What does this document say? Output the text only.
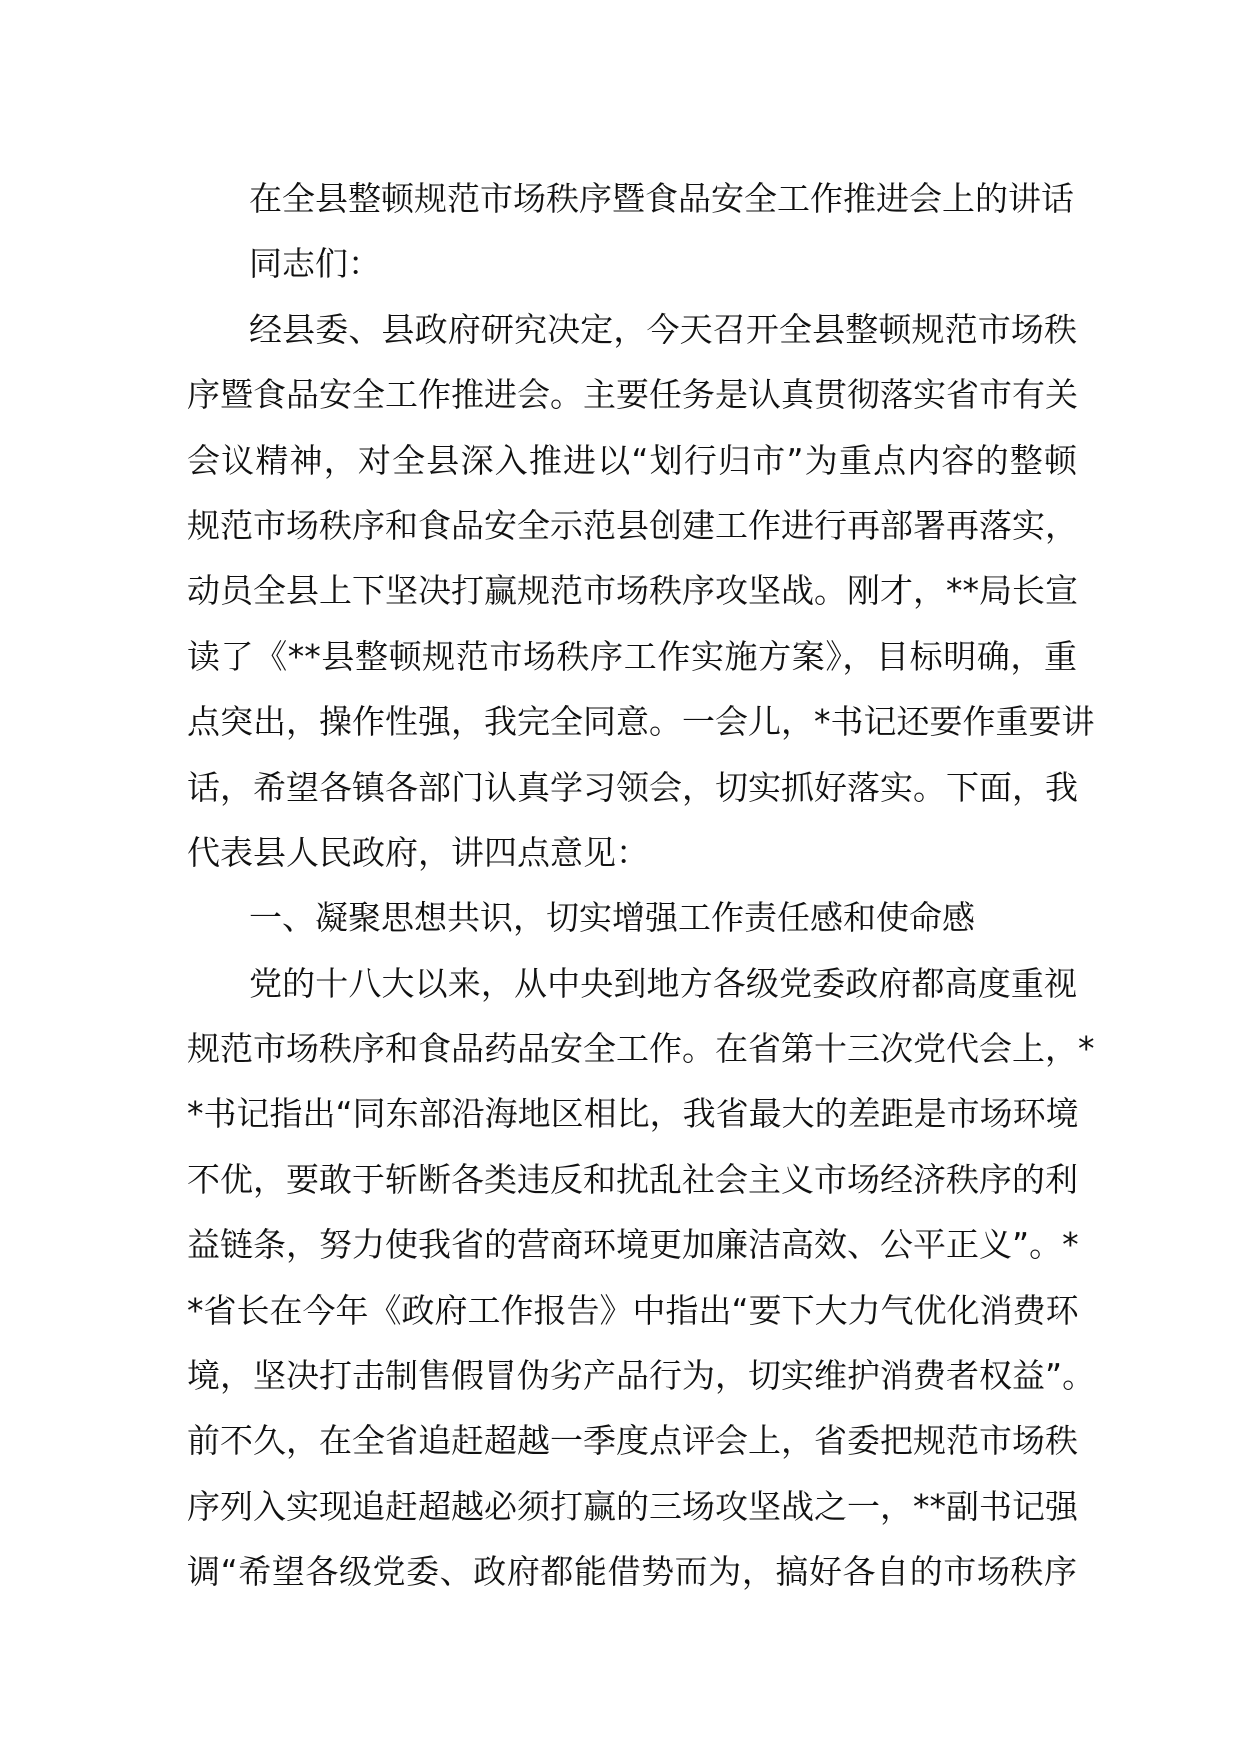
在全县整顿规范市场秩序暨食品安全工作推进会上的讲话
同志们：
经县委、县政府研究决定，今天召开全县整顿规范市场秩
序暨食品安全工作推进会。主要任务是认真贯彻落实省市有关
会议精神，对全县深入推进以“划行归市”为重点内容的整顿
规范市场秩序和食品安全示范县创建工作进行再部署再落实，
动员全县上下坚决打赢规范市场秩序攻坚战。刚才，**局长宣
读了《**县整顿规范市场秩序工作实施方案》，目标明确，重
点突出，操作性强，我完全同意。一会儿，*书记还要作重要讲
话，希望各镇各部门认真学习领会，切实抓好落实。下面，我
代表县人民政府，讲四点意见：
一、凝聚思想共识，切实增强工作责任感和使命感
党的十八大以来，从中央到地方各级党委政府都高度重视
规范市场秩序和食品药品安全工作。在省第十三次党代会上，*
*书记指出“同东部沿海地区相比，我省最大的差距是市场环境
不优，要敢于斩断各类违反和扰乱社会主义市场经济秩序的利
益链条，努力使我省的营商环境更加廉洁高效、公平正义”。*
*省长在今年《政府工作报告》中指出“要下大力气优化消费环
境，坚决打击制售假冒伪劣产品行为，切实维护消费者权益”。
前不久，在全省追赶超越一季度点评会上，省委把规范市场秩
序列入实现追赶超越必须打赢的三场攻坚战之一，**副书记强
调“希望各级党委、政府都能借势而为，搞好各自的市场秩序
